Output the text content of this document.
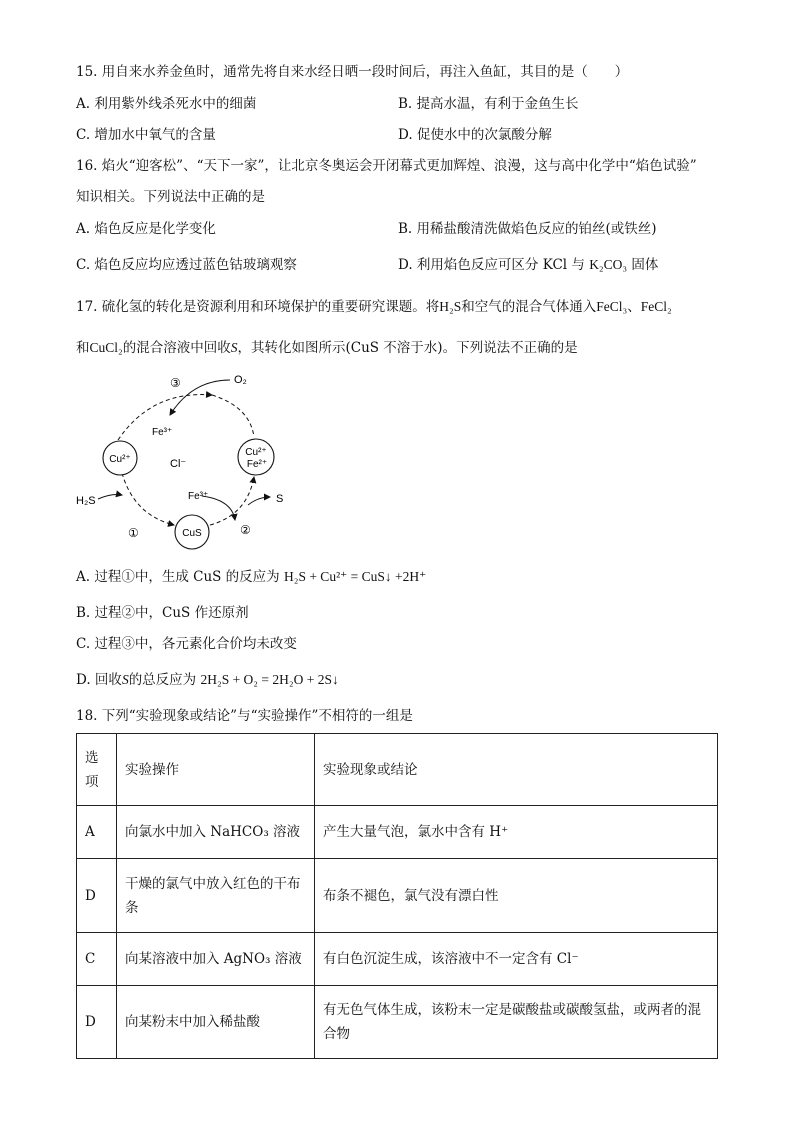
15. 用自来水养金鱼时，通常先将自来水经日晒一段时间后，再注入鱼缸，其目的是（　　）
A. 利用紫外线杀死水中的细菌	B. 提高水温，有利于金鱼生长
C. 增加水中氧气的含量	D. 促使水中的次氯酸分解
16. 焰火“迎客松”、“天下一家”，让北京冬奥运会开闭幕式更加辉煌、浪漫，这与高中化学中“焰色试验”
知识相关。下列说法中正确的是
A. 焰色反应是化学变化	B. 用稀盐酸清洗做焰色反应的铂丝(或铁丝)
C. 焰色反应均应透过蓝色钴玻璃观察	D. 利用焰色反应可区分 KCl 与 K₂CO₃ 固体
17. 硫化氢的转化是资源利用和环境保护的重要研究课题。将H₂S和空气的混合气体通入FeCl₃、FeCl₂
和CuCl₂的混合溶液中回收S，其转化如图所示(CuS 不溶于水)。下列说法不正确的是
O₂
③
Fe³⁺
Cu²⁺	Cl⁻
Cu²⁺
Fe²⁺
Fe³⁺
H₂S	S
①	CuS	②
A. 过程①中，生成 CuS 的反应为 H₂S + Cu²⁺ = CuS↓ +2H⁺
B. 过程②中，CuS 作还原剂
C. 过程③中，各元素化合价均未改变
D. 回收S的总反应为 2H₂S + O₂ = 2H₂O + 2S↓
18. 下列“实验现象或结论”与“实验操作”不相符的一组是
选项	实验操作	实验现象或结论
A	向氯水中加入 NaHCO₃ 溶液	产生大量气泡，氯水中含有 H⁺
D	干燥的氯气中放入红色的干布条	布条不褪色，氯气没有漂白性
C	向某溶液中加入 AgNO₃ 溶液	有白色沉淀生成，该溶液中不一定含有 Cl⁻
D	向某粉末中加入稀盐酸	有无色气体生成，该粉末一定是碳酸盐或碳酸氢盐，或两者的混合物
